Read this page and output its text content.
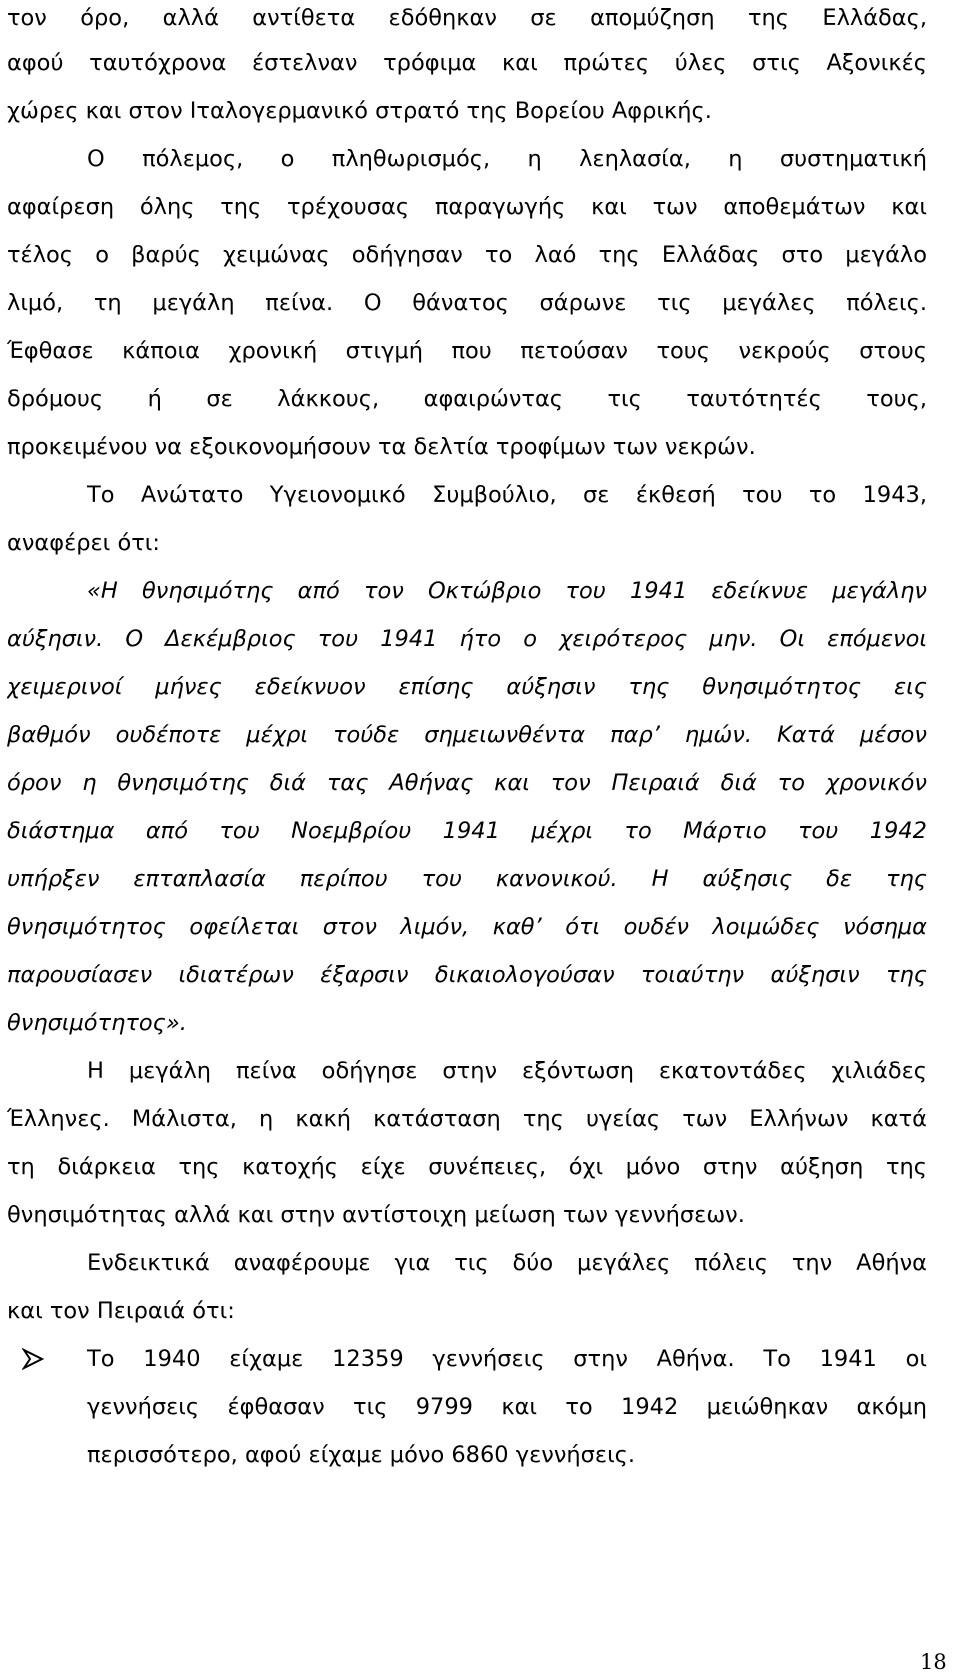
τον όρο, αλλά αντίθετα εδόθηκαν σε απομύζηση της Ελλάδας,

αφού ταυτόχρονα έστελναν τρόφιμα και πρώτες ύλες στις Αξονικές

χώρες και στον Ιταλογερμανικό στρατό της Βορείου Αφρικής.

Ο πόλεμος, ο πληθωρισμός, η λεηλασία, η συστηματική

αφαίρεση όλης της τρέχουσας παραγωγής και των αποθεμάτων και

τέλος ο βαρύς χειμώνας οδήγησαν το λαό της Ελλάδας στο μεγάλο

λιμό, τη μεγάλη πείνα. Ο θάνατος σάρωνε τις μεγάλες πόλεις.

Έφθασε κάποια χρονική στιγμή που πετούσαν τους νεκρούς στους

δρόμους ή σε λάκκους, αφαιρώντας τις ταυτότητές τους,

προκειμένου να εξοικονομήσουν τα δελτία τροφίμων των νεκρών.

Το Ανώτατο Υγειονομικό Συμβούλιο, σε έκθεσή του το 1943,

αναφέρει ότι:

«Η θνησιμότης από τον Οκτώβριο του 1941 εδείκνυε μεγάλην

αύξησιν. Ο Δεκέμβριος του 1941 ήτο ο χειρότερος μην. Οι επόμενοι

χειμερινοί μήνες εδείκνυον επίσης αύξησιν της θνησιμότητος εις

βαθμόν ουδέποτε μέχρι τούδε σημειωνθέντα παρ’ ημών. Κατά μέσον

όρον η θνησιμότης διά τας Αθήνας και τον Πειραιά διά το χρονικόν

διάστημα από του Νοεμβρίου 1941 μέχρι το Μάρτιο του 1942

υπήρξεν επταπλασία περίπου του κανονικού. Η αύξησις δε της

θνησιμότητος οφείλεται στον λιμόν, καθ’ ότι ουδέν λοιμώδες νόσημα

παρουσίασεν ιδιατέρων έξαρσιν δικαιολογούσαν τοιαύτην αύξησιν της

θνησιμότητος».

Η μεγάλη πείνα οδήγησε στην εξόντωση εκατοντάδες χιλιάδες

Έλληνες. Μάλιστα, η κακή κατάσταση της υγείας των Ελλήνων κατά

τη διάρκεια της κατοχής είχε συνέπειες, όχι μόνο στην αύξηση της

θνησιμότητας αλλά και στην αντίστοιχη μείωση των γεννήσεων.

Ενδεικτικά αναφέρουμε για τις δύο μεγάλες πόλεις την Αθήνα

και τον Πειραιά ότι:

Το 1940 είχαμε 12359 γεννήσεις στην Αθήνα. Το 1941 οι

γεννήσεις έφθασαν τις 9799 και το 1942 μειώθηκαν ακόμη

περισσότερο, αφού είχαμε μόνο 6860 γεννήσεις.

18
